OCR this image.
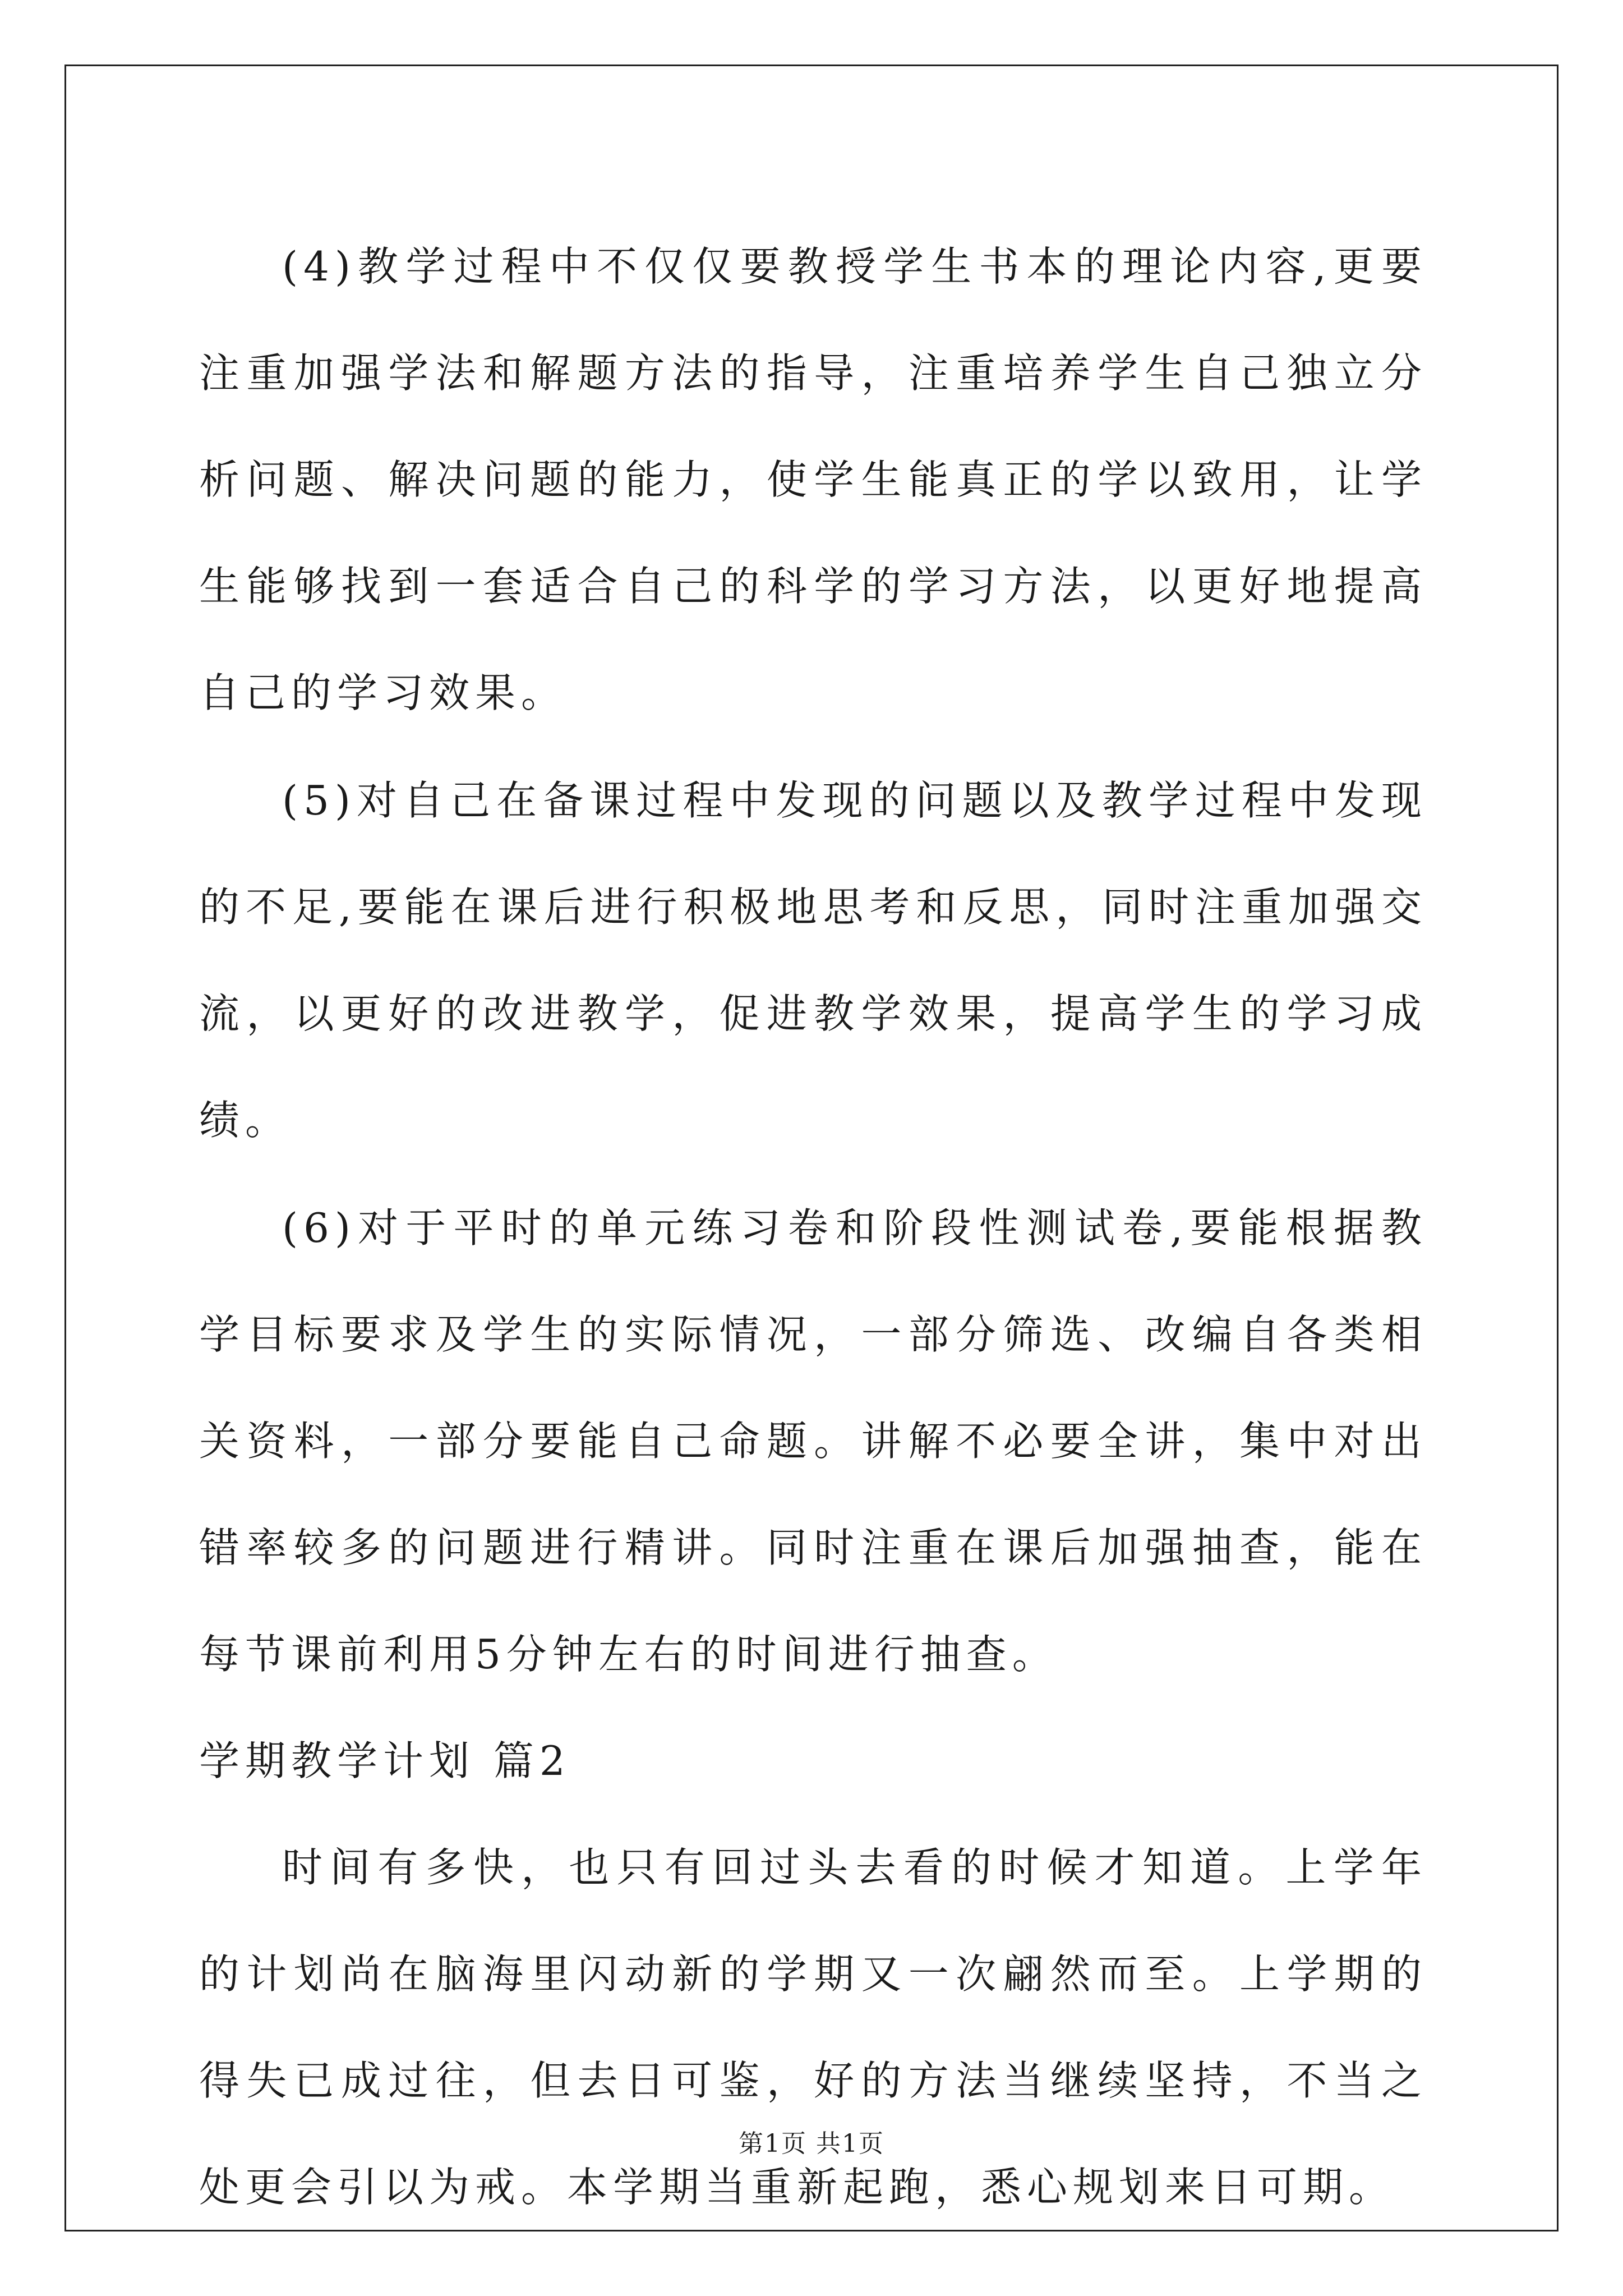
(4)教学过程中不仅仅要教授学生书本的理论内容,更要注重加强学法和解题方法的指导，注重培养学生自己独立分析问题、解决问题的能力，使学生能真正的学以致用，让学生能够找到一套适合自己的科学的学习方法，以更好地提高自己的学习效果。

(5)对自己在备课过程中发现的问题以及教学过程中发现的不足,要能在课后进行积极地思考和反思，同时注重加强交流，以更好的改进教学，促进教学效果，提高学生的学习成绩。

(6)对于平时的单元练习卷和阶段性测试卷,要能根据教学目标要求及学生的实际情况，一部分筛选、改编自各类相关资料，一部分要能自己命题。讲解不必要全讲，集中对出错率较多的问题进行精讲。同时注重在课后加强抽查，能在每节课前利用5分钟左右的时间进行抽查。

学期教学计划 篇2

时间有多快，也只有回过头去看的时候才知道。上学年的计划尚在脑海里闪动新的学期又一次翩然而至。上学期的得失已成过往，但去日可鉴，好的方法当继续坚持，不当之处更会引以为戒。本学期当重新起跑，悉心规划来日可期。

第1页 共1页
